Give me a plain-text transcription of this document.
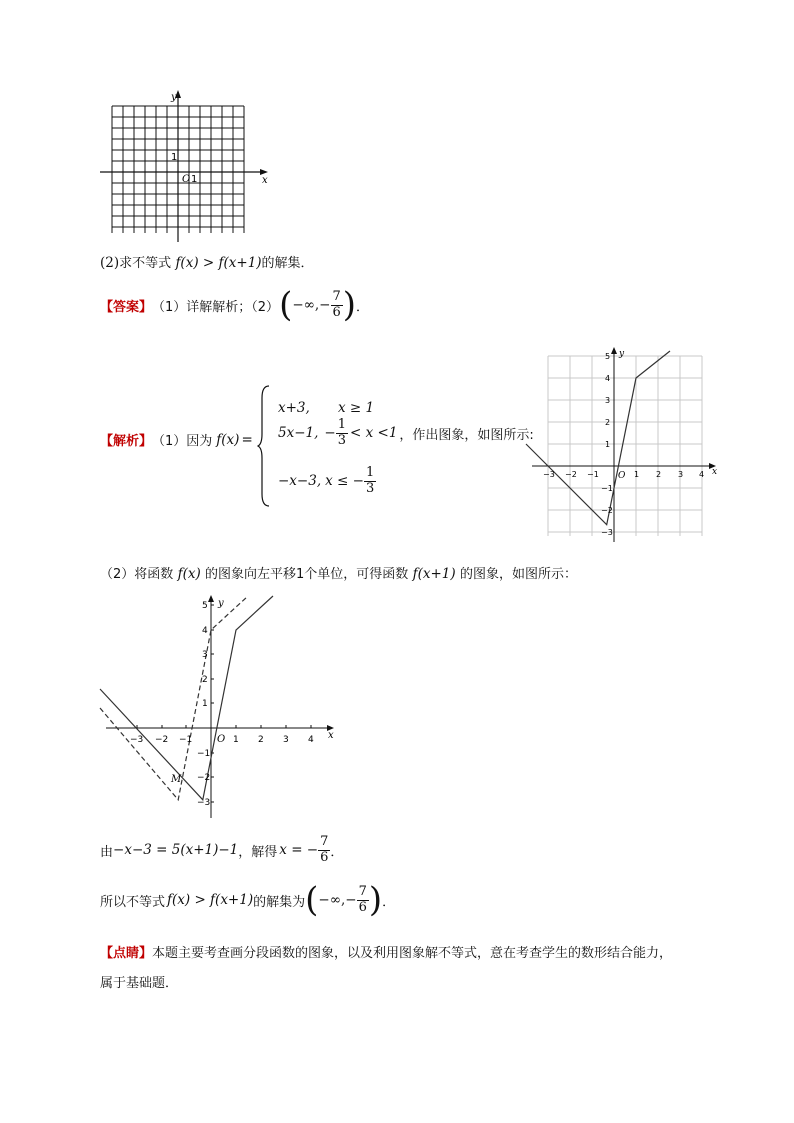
y
x
1
O 1
(2)求不等式 f(x) > f(x+1)的解集．
【答案】 （1）详解解析；（2） ( −∞,− $\frac{7}{6}$ ) ．
【解析】 （1）因为 f(x) =
x+3, x ≥ 1
5x−1, − $\frac{1}{3} < x <1$ ，作出图象，如图所示:
−x−3, x ≤ − $\frac{1}{3}$
y
x
O
−3 −2 −1	1 2 3 4
5
4
3
2
1
−1
−2
−3
（2）将函数 f(x) 的图象向左平移1个单位，可得函数 f(x+1) 的图象，如图所示：
y
x
O
M
−3 −2 −1	1 2 3 4
5
4
3
2
1
−1
−2
−3
由 −x−3 = 5(x+1)−1 ，解得 x = − $\frac{7}{6}$ ．
所以不等式 f(x) > f(x+1) 的解集为 ( −∞,− $\frac{7}{6}$ ) ．
【点睛】本题主要考查画分段函数的图象，以及利用图象解不等式，意在考查学生的数形结合能力，
属于基础题．
